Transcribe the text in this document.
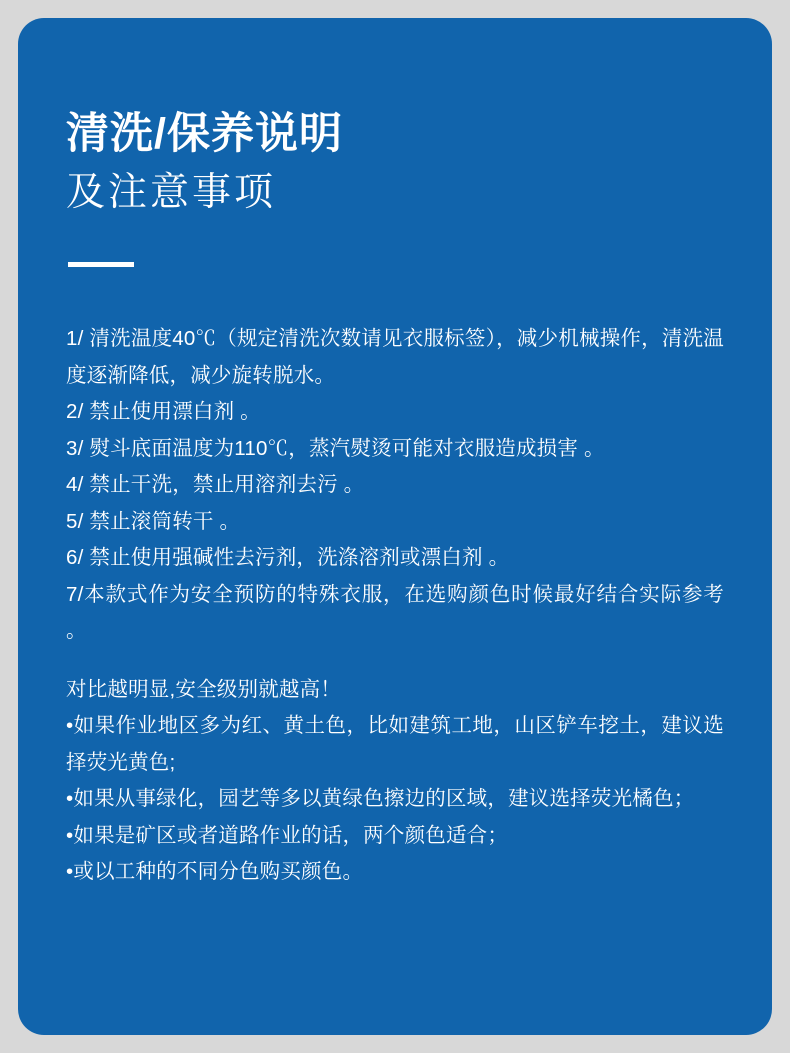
清洗/保养说明
及注意事项

1/ 清洗温度40℃（规定清洗次数请见衣服标签），减少机械操作，清洗温度逐渐降低，减少旋转脱水。

2/ 禁止使用漂白剂 。

3/ 熨斗底面温度为110℃，蒸汽熨烫可能对衣服造成损害 。

4/ 禁止干洗，禁止用溶剂去污 。

5/ 禁止滚筒转干 。

6/ 禁止使用强碱性去污剂，洗涤溶剂或漂白剂 。

7/本款式作为安全预防的特殊衣服，在选购颜色时候最好结合实际参考 。

对比越明显,安全级别就越高！

•如果作业地区多为红、黄土色，比如建筑工地，山区铲车挖土，建议选择荧光黄色;

•如果从事绿化，园艺等多以黄绿色擦边的区域，建议选择荧光橘色；

•如果是矿区或者道路作业的话，两个颜色适合；

•或以工种的不同分色购买颜色。
